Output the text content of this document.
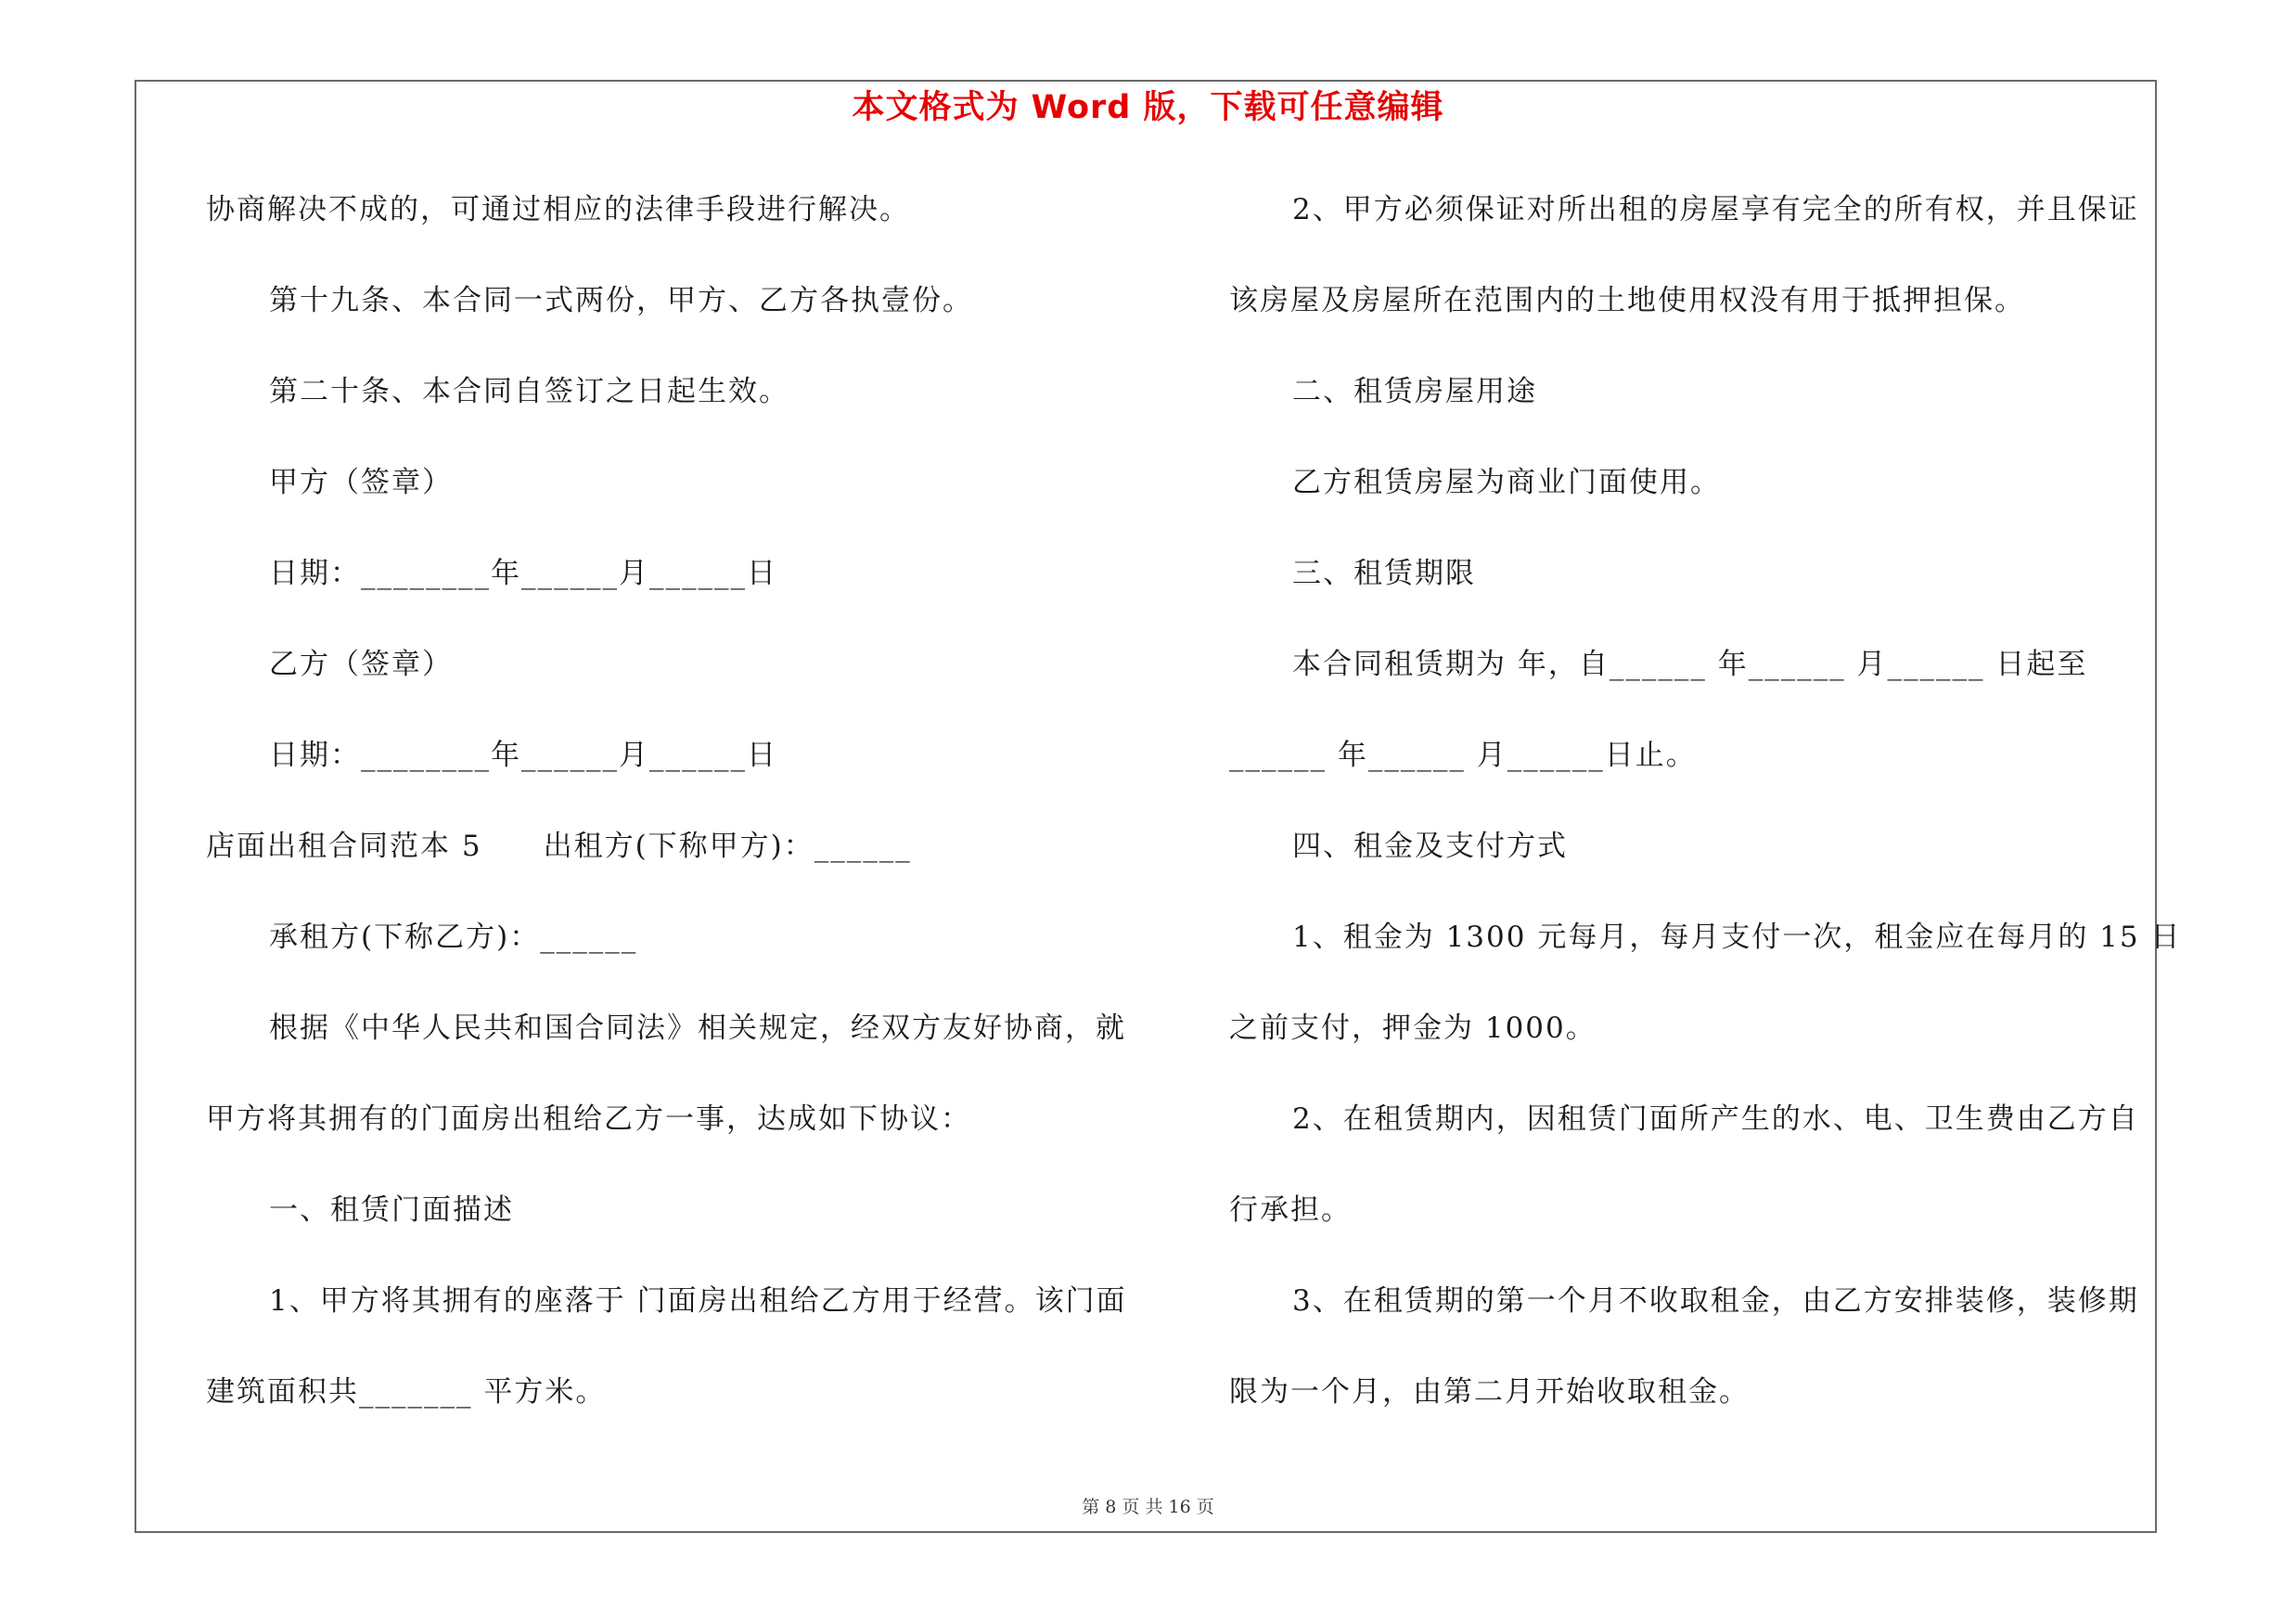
本文格式为 Word 版，下载可任意编辑
协商解决不成的，可通过相应的法律手段进行解决。
第十九条、本合同一式两份，甲方、乙方各执壹份。
第二十条、本合同自签订之日起生效。
甲方（签章）
日期：________年______月______日
乙方（签章）
日期：________年______月______日
店面出租合同范本 5　　出租方(下称甲方)：______
承租方(下称乙方)：______
根据《中华人民共和国合同法》相关规定，经双方友好协商，就
甲方将其拥有的门面房出租给乙方一事，达成如下协议：
一、租赁门面描述
1、甲方将其拥有的座落于 门面房出租给乙方用于经营。该门面
建筑面积共_______ 平方米。
2、甲方必须保证对所出租的房屋享有完全的所有权，并且保证
该房屋及房屋所在范围内的土地使用权没有用于抵押担保。
二、租赁房屋用途
乙方租赁房屋为商业门面使用。
三、租赁期限
本合同租赁期为 年，自______ 年______ 月______ 日起至
______ 年______ 月______日止。
四、租金及支付方式
1、租金为 1300 元每月，每月支付一次，租金应在每月的 15 日
之前支付，押金为 1000。
2、在租赁期内，因租赁门面所产生的水、电、卫生费由乙方自
行承担。
3、在租赁期的第一个月不收取租金，由乙方安排装修，装修期
限为一个月，由第二月开始收取租金。
第 8 页 共 16 页
